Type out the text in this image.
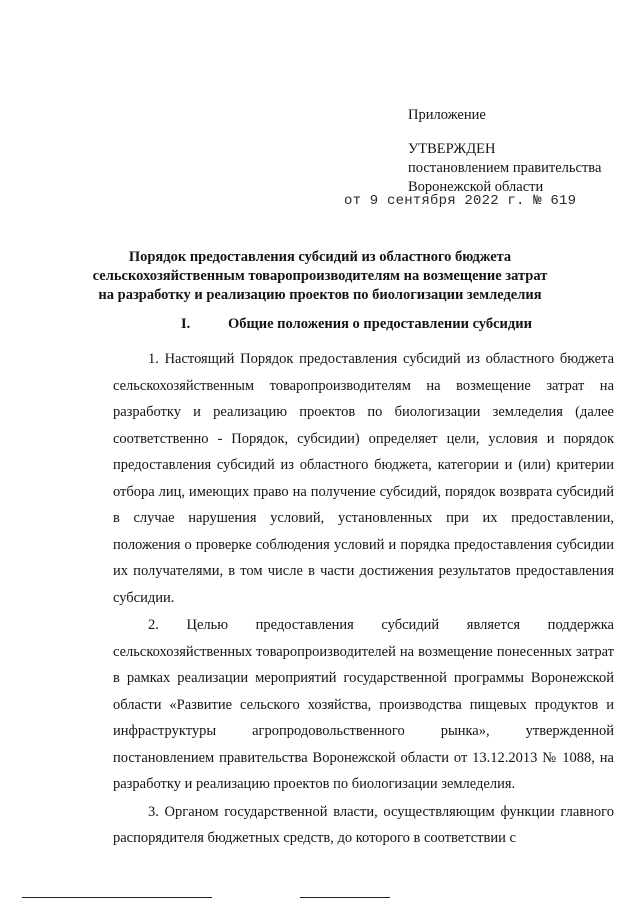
Приложение
УТВЕРЖДЕН
постановлением правительства
Воронежской области
от 9 сентября 2022 г. № 619
Порядок предоставления субсидий из областного бюджета сельскохозяйственным товаропроизводителям на возмещение затрат на разработку и реализацию проектов по биологизации земледелия
I.	Общие положения о предоставлении субсидии

1. Настоящий Порядок предоставления субсидий из областного бюджета сельскохозяйственным товаропроизводителям на возмещение затрат на разработку и реализацию проектов по биологизации земледелия (далее соответственно - Порядок, субсидии) определяет цели, условия и порядок предоставления субсидий из областного бюджета, категории и (или) критерии отбора лиц, имеющих право на получение субсидий, порядок возврата субсидий в случае нарушения условий, установленных при их предоставлении, положения о проверке соблюдения условий и порядка предоставления субсидии их получателями, в том числе в части достижения результатов предоставления субсидии.

2. Целью предоставления субсидий является поддержка сельскохозяйственных товаропроизводителей на возмещение понесенных затрат в рамках реализации мероприятий государственной программы Воронежской области «Развитие сельского хозяйства, производства пищевых продуктов и инфраструктуры агропродовольственного рынка», утвержденной постановлением правительства Воронежской области от 13.12.2013 № 1088, на разработку и реализацию проектов по биологизации земледелия.

3. Органом государственной власти, осуществляющим функции главного распорядителя бюджетных средств, до которого в соответствии с
